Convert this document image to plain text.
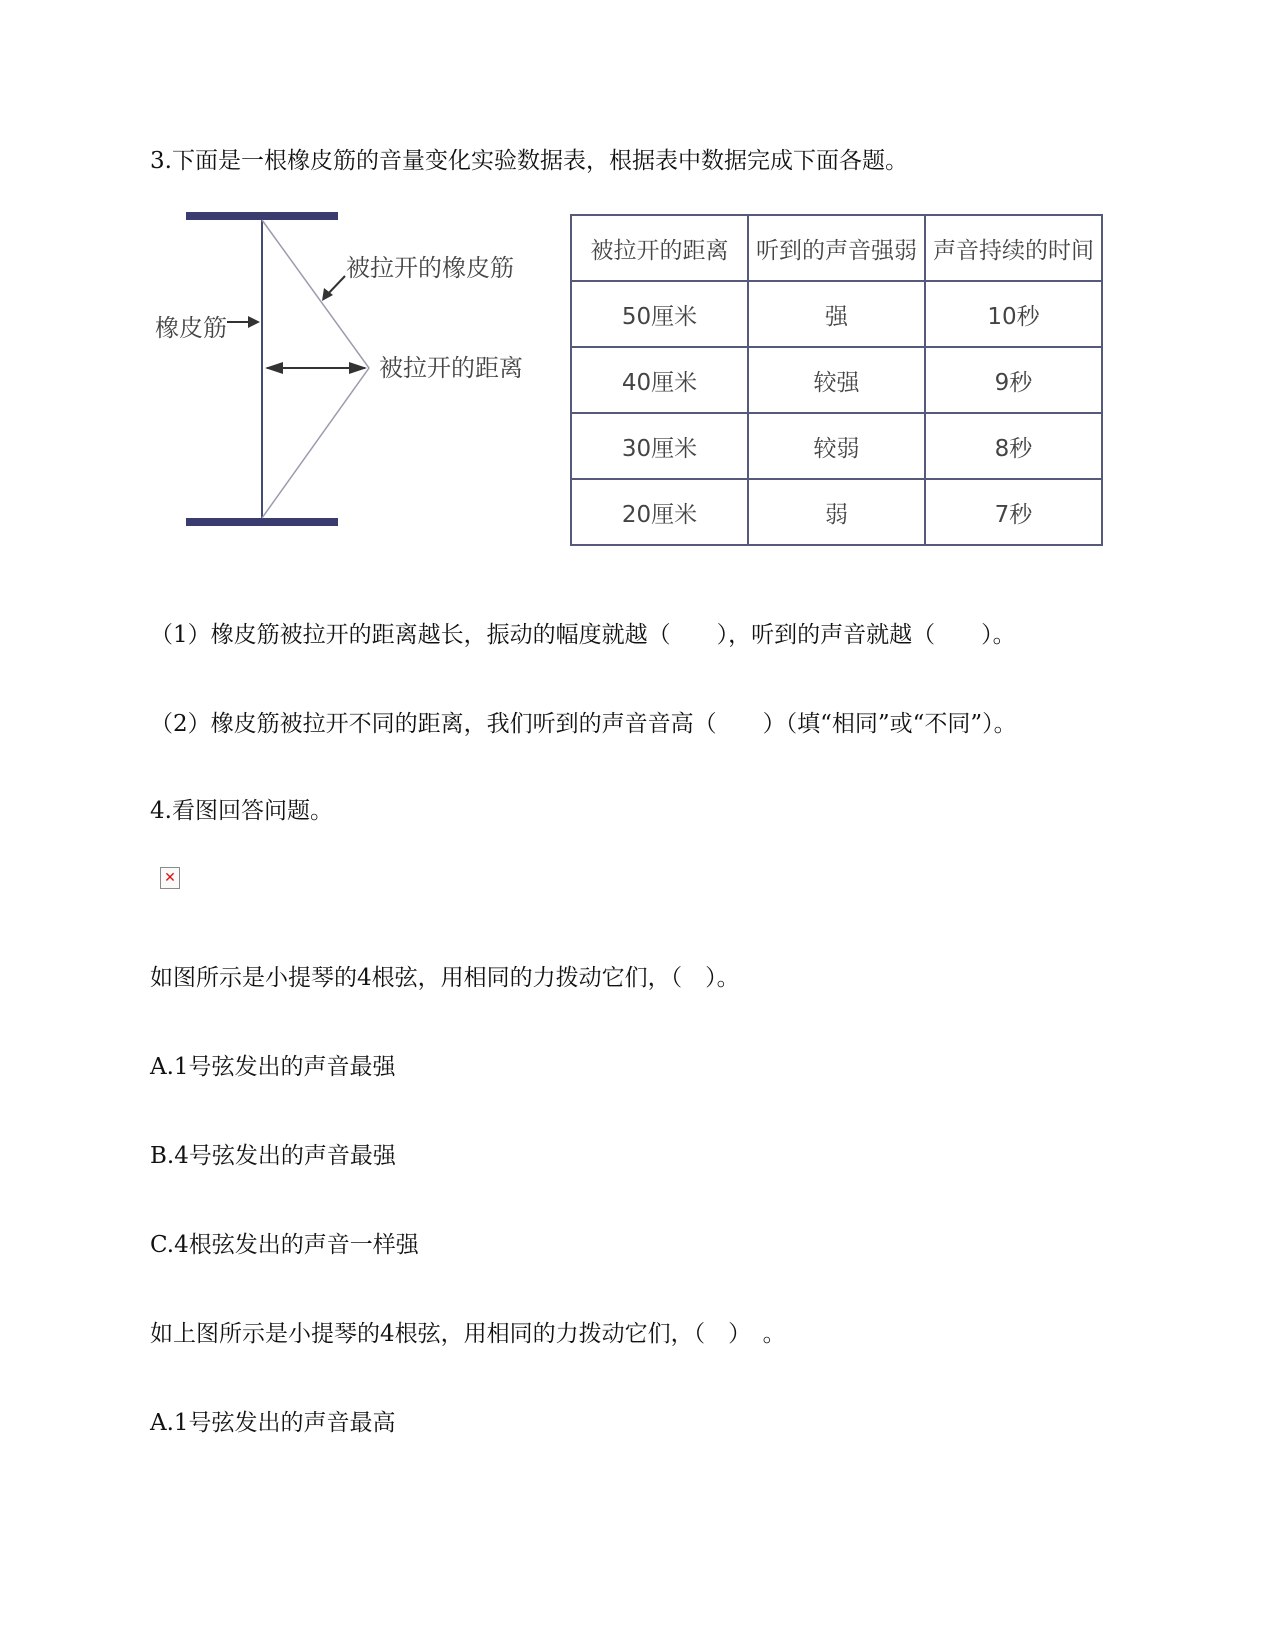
3.下面是一根橡皮筋的音量变化实验数据表，根据表中数据完成下面各题。
被拉开的橡皮筋
橡皮筋
被拉开的距离
被拉开的距离	听到的声音强弱	声音持续的时间
50厘米	强	10秒
40厘米	较强	9秒
30厘米	较弱	8秒
20厘米	弱	7秒
（1）橡皮筋被拉开的距离越长，振动的幅度就越（　　），听到的声音就越（　　）。
（2）橡皮筋被拉开不同的距离，我们听到的声音音高（　　）（填“相同”或“不同”）。
4.看图回答问题。
✕
如图所示是小提琴的4根弦，用相同的力拨动它们，（　）。
A.1号弦发出的声音最强
B.4号弦发出的声音最强
C.4根弦发出的声音一样强
如上图所示是小提琴的4根弦，用相同的力拨动它们，（　）　。
A.1号弦发出的声音最高
